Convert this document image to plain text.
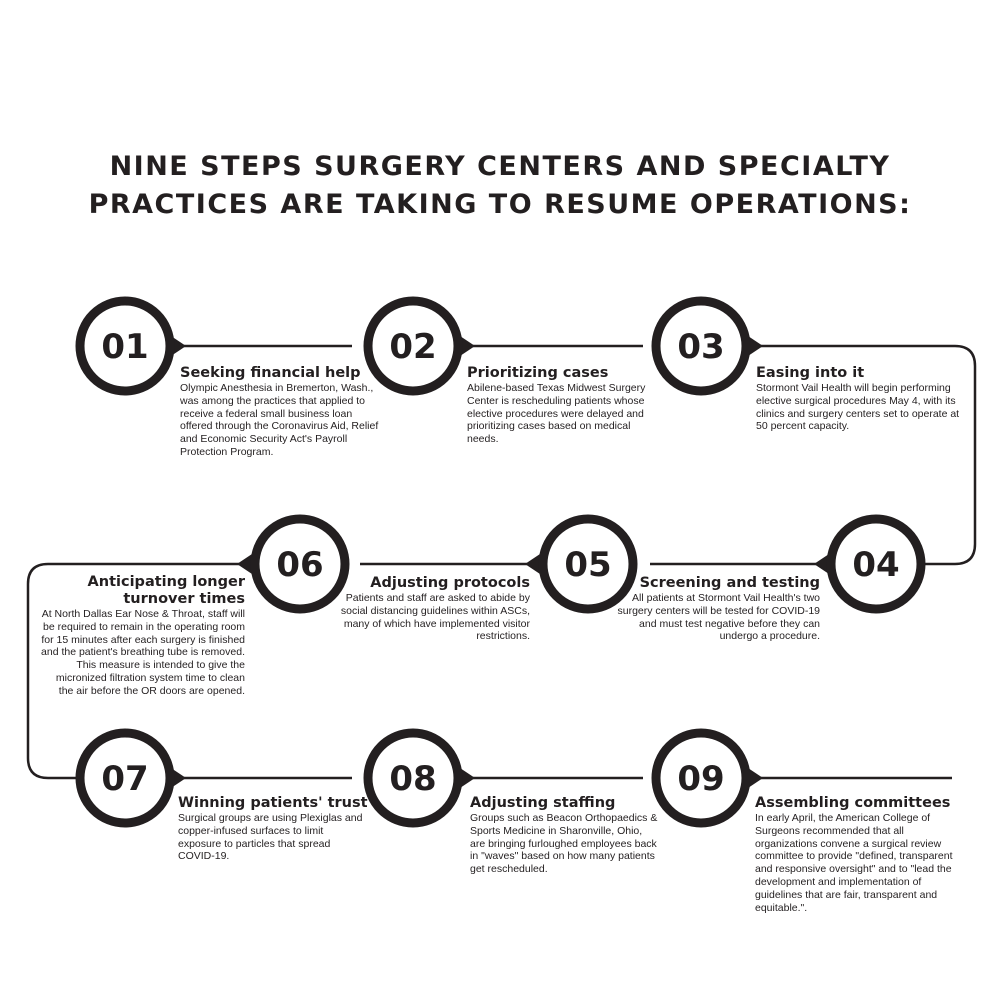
NINE STEPS SURGERY CENTERS AND SPECIALTY
PRACTICES ARE TAKING TO RESUME OPERATIONS:
01	02	03
04
05
06
07	08	09
Seeking financial help

Olympic Anesthesia in Bremerton, Wash., was among the practices that applied to receive a federal small business loan offered through the Coronavirus Aid, Relief and Economic Security Act's Payroll Protection Program.

Prioritizing cases

Abilene-based Texas Midwest Surgery Center is rescheduling patients whose elective procedures were delayed and prioritizing cases based on medical needs.

Easing into it

Stormont Vail Health will begin performing elective surgical procedures May 4, with its clinics and surgery centers set to operate at 50 percent capacity.

Screening and testing

All patients at Stormont Vail Health's two surgery centers will be tested for COVID-19 and must test negative before they can undergo a procedure.

Adjusting protocols

Patients and staff are asked to abide by social distancing guidelines within ASCs, many of which have implemented visitor restrictions.

Anticipating longer turnover times

At North Dallas Ear Nose & Throat, staff will be required to remain in the operating room for 15 minutes after each surgery is finished and the patient's breathing tube is removed. This measure is intended to give the micronized filtration system time to clean the air before the OR doors are opened.

Winning patients' trust

Surgical groups are using Plexiglas and copper-infused surfaces to limit exposure to particles that spread COVID-19.

Adjusting staffing

Groups such as Beacon Orthopaedics & Sports Medicine in Sharonville, Ohio, are bringing furloughed employees back in "waves" based on how many patients get rescheduled.

Assembling committees

In early April, the American College of Surgeons recommended that all organizations convene a surgical review committee to provide "defined, transparent and responsive oversight" and to "lead the development and implementation of guidelines that are fair, transparent and equitable.".
